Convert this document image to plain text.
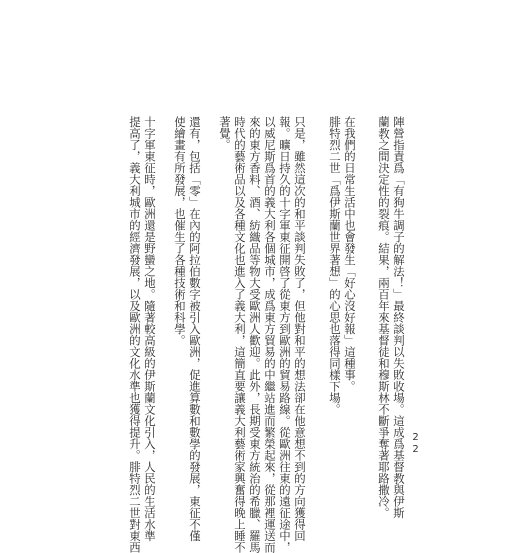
陣營指責爲「有狗牛調子的解法！」最終談判以失敗收場。這成爲基督教與伊斯
蘭教之間決定性的裂痕。結果，兩百年來基督徒和穆斯林不斷爭奪著耶路撒冷。
在我們的日常生活中也會發生「好心沒好報」這種事。
腓特烈二世「爲伊斯蘭世界著想」的心思也落得同樣下場。
只是，雖然這次的和平談判失敗了，但他對和平的想法卻在他意想不到的方向獲得回
報。曠日持久的十字軍東征開啓了從東方到歐洲的貿易路線。從歐洲往東的遠征途中，
以威尼斯爲首的義大利各個城市，成爲東方貿易的中繼站進而繁榮起來，從那裡運送而
來的東方香料、酒、紡織品等物大受歐洲人歡迎。此外，長期受東方統治的希臘、羅馬
時代的藝術品以及各種文化也進入了義大利，這簡直要讓義大利藝術家興奮得晚上睡不
著覺。
還有，包括「零」在內的阿拉伯數字被引入歐洲，促進算數和數學的發展，東征不僅
使繪畫有所發展，也催生了各種技術和科學。
十字軍東征時，歐洲還是野蠻之地。隨著較高級的伊斯蘭文化引入，人民的生活水準
提高了，義大利城市的經濟發展，以及歐洲的文化水準也獲得提升。腓特烈二世對東西	22
